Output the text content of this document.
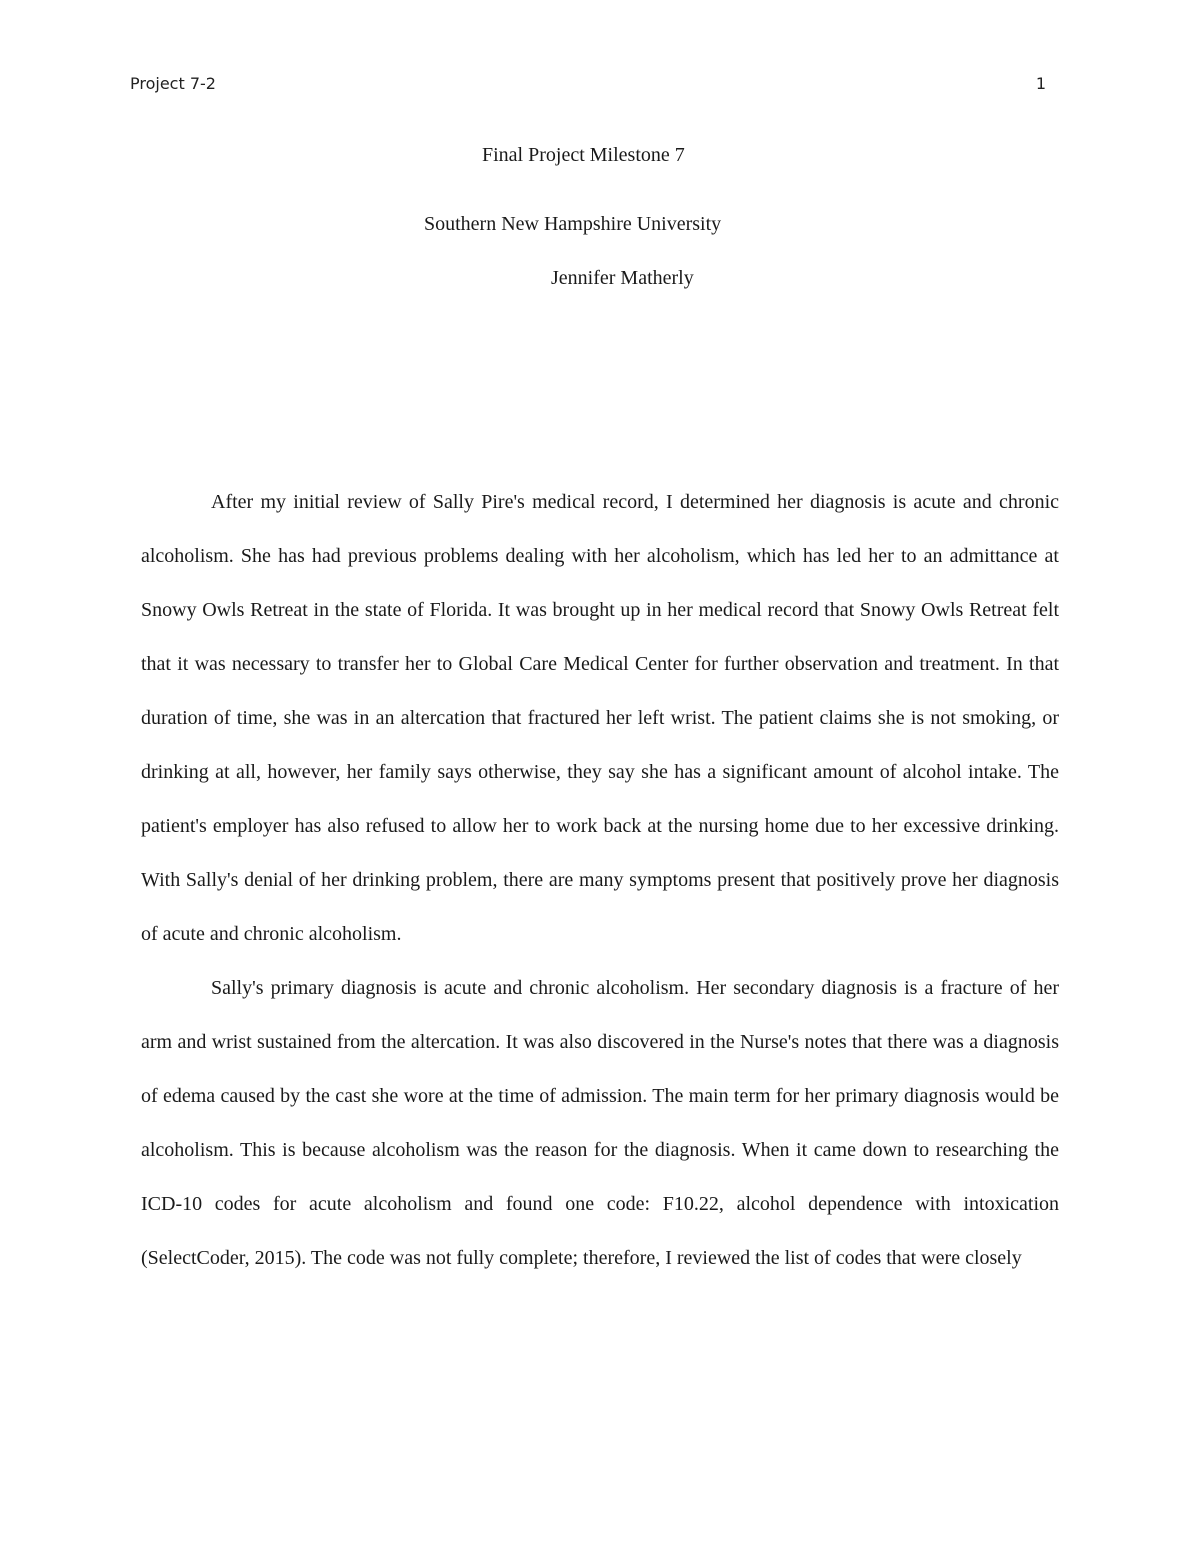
Project 7-2	1
Final Project Milestone 7
Southern New Hampshire University
Jennifer Matherly

After my initial review of Sally Pire's medical record, I determined her diagnosis is acute and chronic alcoholism. She has had previous problems dealing with her alcoholism, which has led her to an admittance at Snowy Owls Retreat in the state of Florida. It was brought up in her medical record that Snowy Owls Retreat felt that it was necessary to transfer her to Global Care Medical Center for further observation and treatment. In that duration of time, she was in an altercation that fractured her left wrist. The patient claims she is not smoking, or drinking at all, however, her family says otherwise, they say she has a significant amount of alcohol intake. The patient's employer has also refused to allow her to work back at the nursing home due to her excessive drinking. With Sally's denial of her drinking problem, there are many symptoms present that positively prove her diagnosis of acute and chronic alcoholism.

Sally's primary diagnosis is acute and chronic alcoholism. Her secondary diagnosis is a fracture of her arm and wrist sustained from the altercation. It was also discovered in the Nurse's notes that there was a diagnosis of edema caused by the cast she wore at the time of admission. The main term for her primary diagnosis would be alcoholism. This is because alcoholism was the reason for the diagnosis. When it came down to researching the ICD-10 codes for acute alcoholism and found one code: F10.22, alcohol dependence with intoxication (SelectCoder, 2015). The code was not fully complete; therefore, I reviewed the list of codes that were closely
